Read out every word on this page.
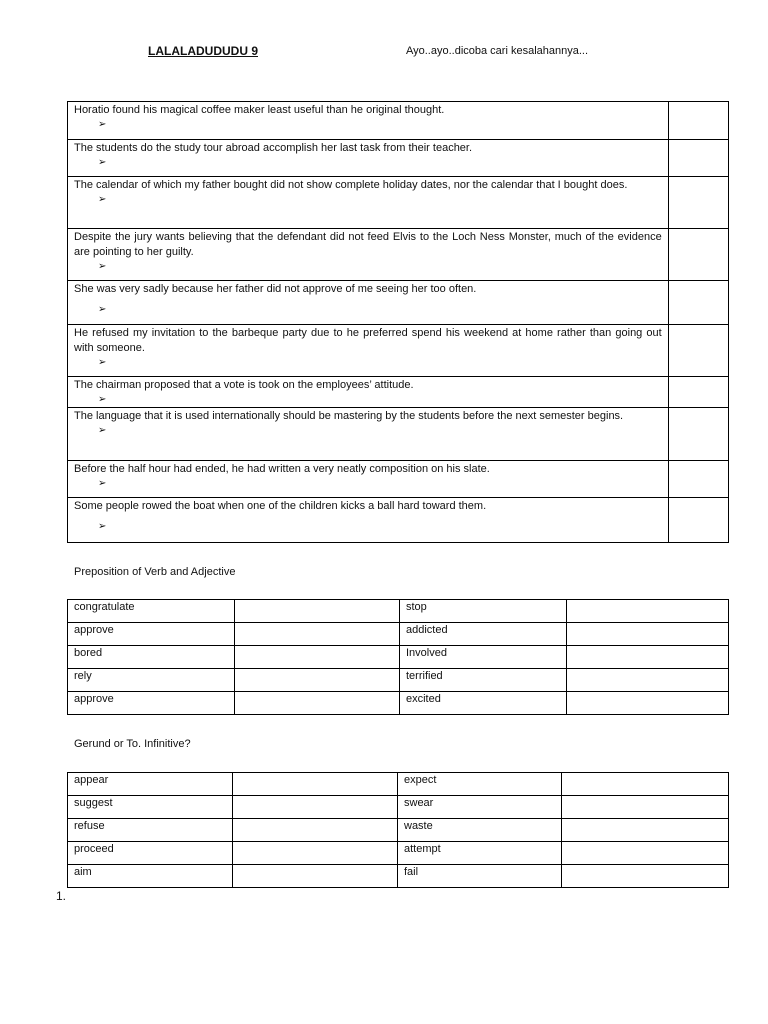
LALALADUDUDU 9	Ayo..ayo..dicoba cari kesalahannya...
Horatio found his magical coffee maker least useful than he original thought.
➢	

The students do the study tour abroad accomplish her last task from their teacher.
➢	

The calendar of which my father bought did not show complete holiday dates, nor the calendar that I bought does.
➢	

Despite the jury wants believing that the defendant did not feed Elvis to the Loch Ness Monster, much of the evidence are pointing to her guilty.
➢	

She was very sadly because her father did not approve of me seeing her too often.
➢	

He refused my invitation to the barbeque party due to he preferred spend his weekend at home rather than going out with someone.
➢	

The chairman proposed that a vote is took on the employees’ attitude.
➢	

The language that it is used internationally should be mastering by the students before the next semester begins.
➢	

Before the half hour had ended, he had written a very neatly composition on his slate.
➢	

Some people rowed the boat when one of the children kicks a ball hard toward them.
➢	

Preposition of Verb and Adjective
congratulate		stop	
approve		addicted	
bored		Involved	
rely		terrified	
approve		excited	
Gerund or To. Infinitive?
appear		expect	
suggest		swear	
refuse		waste	
proceed		attempt	
aim		fail	
1.
